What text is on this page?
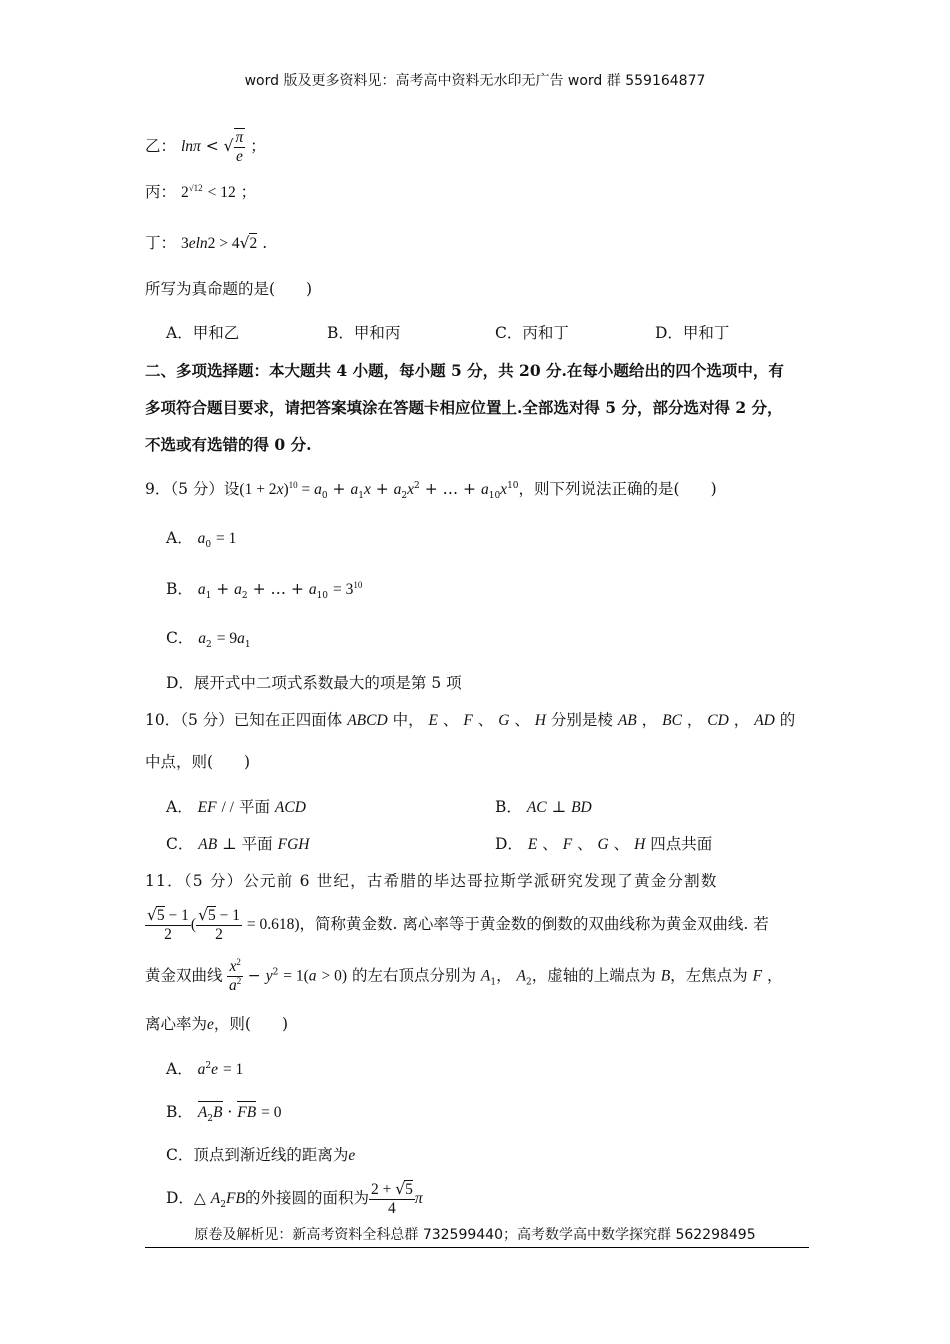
word 版及更多资料见：高考高中资料无水印无广告 word 群 559164877
乙： lnπ < √ $\frac{\pi}{e}$ ；
丙： $2^{√12} < 12$ ；
丁： 3eln2 > 4√2 .
所写为真命题的是(　　)
A．甲和乙	B．甲和丙	C．丙和丁	D．甲和丁
二、多项选择题：本大题共 4 小题，每小题 5 分，共 20 分.在每小题给出的四个选项中，有
多项符合题目要求，请把答案填涂在答题卡相应位置上.全部选对得 5 分，部分选对得 2 分，
不选或有选错的得 0 分.
9．（5 分）设$(1 + 2x)^{10} = a_0 + a_1x + a_2x^2$ + … + $a_{10}x^{10}$，则下列说法正确的是(　　)
A． $a_0 = 1$
B． $a_1 + a_2$ + … + $a_{10} = 3^{10}$
C． $a_2 = 9a_1$
D．展开式中二项式系数最大的项是第 5 项
10．（5 分）已知在正四面体 ABCD 中， E 、 F 、 G 、 H 分别是棱 AB ， BC ， CD ， AD 的
中点，则(　　)
A． EF / / 平面 ACD	B． AC ⊥ BD
C． AB ⊥ 平面 FGH	D． E 、 F 、 G 、 H 四点共面
11．（5 分）公元前 6 世纪，古希腊的毕达哥拉斯学派研究发现了黄金分割数
$\frac{√5 - 1}{2}$ ( $\frac{√5 - 1}{2} = 0.618$)，简称黄金数. 离心率等于黄金数的倒数的双曲线称为黄金双曲线. 若
黄金双曲线 $\frac{x^2}{a^2} - y^2 = 1(a > 0)$ 的左右顶点分别为 $A_1$， $A_2$，虚轴的上端点为 B，左焦点为 F ，
离心率为e，则(　　)
A． $a^2e = 1$
B． $A_2B$ · FB = 0
C．顶点到渐近线的距离为e
D．△ $A_2FB$的外接圆的面积为 $\frac{2 + √5}{4}$ π
原卷及解析见：新高考资料全科总群 732599440；高考数学高中数学探究群 562298495
